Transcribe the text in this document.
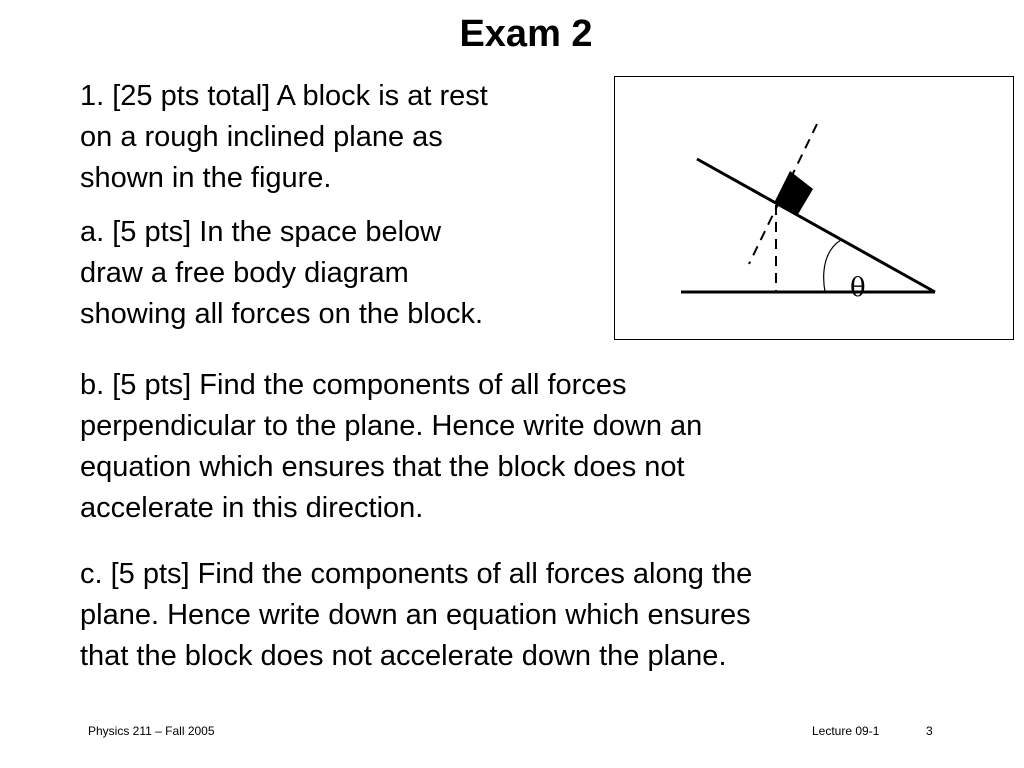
Exam 2

1. [25 pts total] A block is at rest
on a rough inclined plane as
shown in the figure.

a. [5 pts] In the space below
draw a free body diagram
showing all forces on the block.

θ

b. [5 pts] Find the components of all forces
perpendicular to the plane. Hence write down an
equation which ensures that the block does not
accelerate in this direction.

c. [5 pts] Find the components of all forces along the
plane. Hence write down an equation which ensures
that the block does not accelerate down the plane.

Physics 211 – Fall 2005	Lecture 09-1	3
